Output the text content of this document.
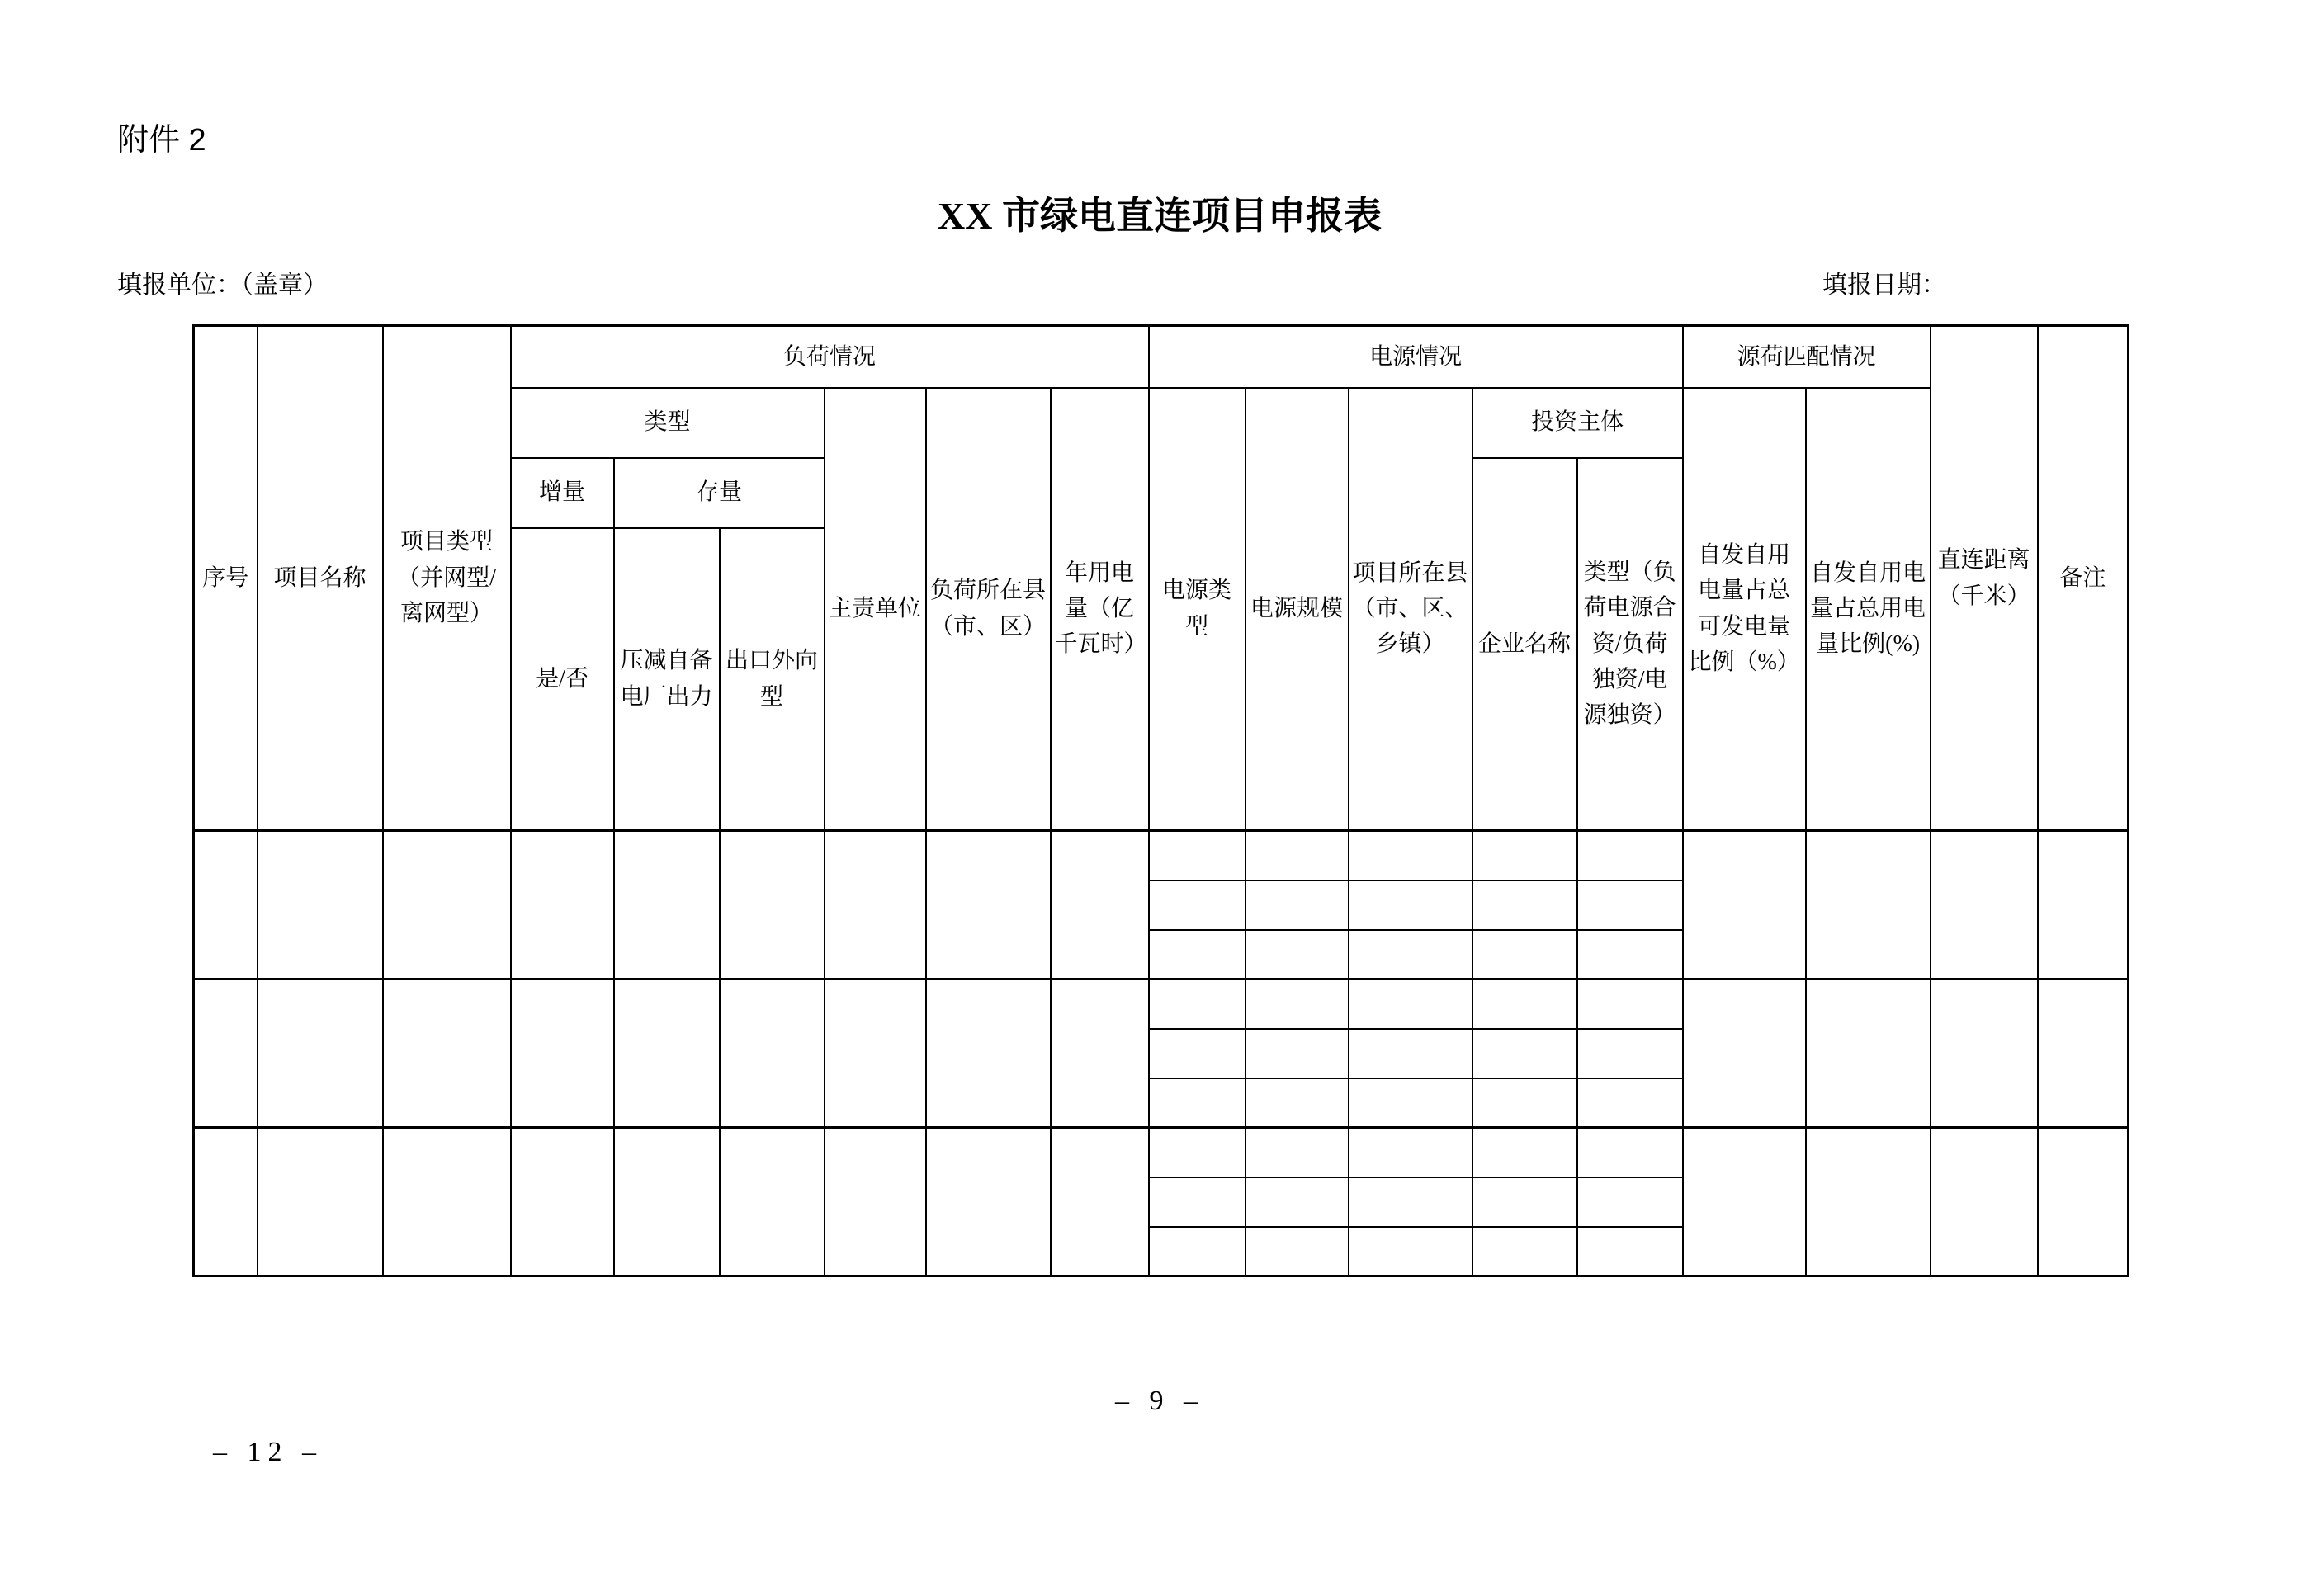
附件 2
XX 市绿电直连项目申报表
填报单位：（盖章）	填报日期：
序号	项目名称	项目类型（并网型/离网型）	负荷情况						电源情况					源荷匹配情况		直连距离（千米）	备注
			类型			主责单位	负荷所在县（市、区）	年用电量（亿千瓦时）	电源类型	电源规模	项目所在县（市、区、乡镇）	投资主体		自发自用电量占总可发电量比例（%）	自发自用电量占总用电量比例(%)		
			增量	存量								企业名称	类型（负荷电源合资/负荷独资/电源独资）				
			是/否	压减自备电厂出力	出口外向型												

– 9 –
– 12 –
